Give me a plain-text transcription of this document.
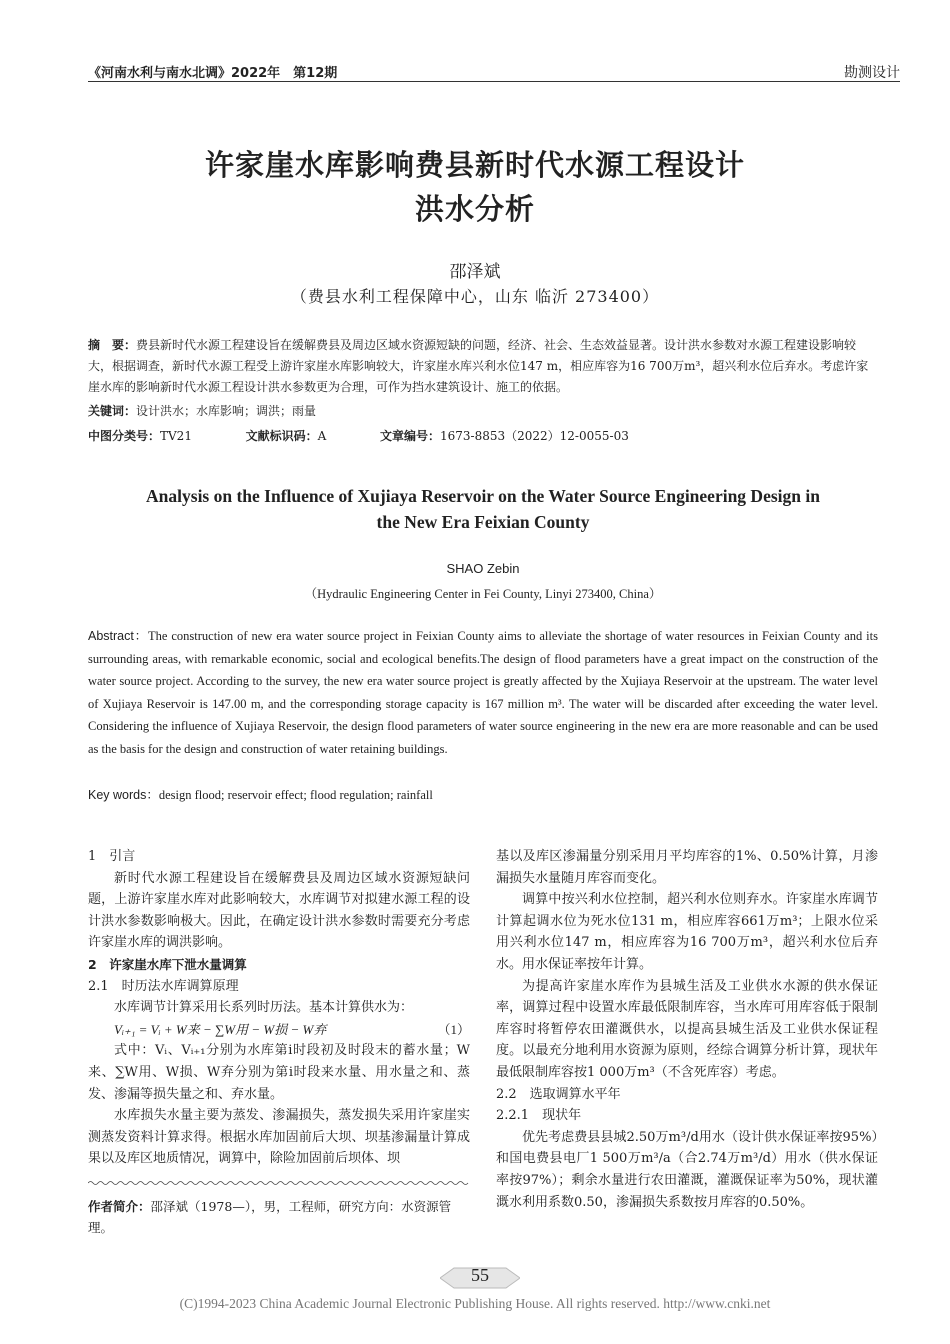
《河南水利与南水北调》2022年　第12期	勘测设计
许家崖水库影响费县新时代水源工程设计
洪水分析
邵泽斌
（费县水利工程保障中心，山东 临沂 273400）
摘　要：费县新时代水源工程建设旨在缓解费县及周边区域水资源短缺的问题，经济、社会、生态效益显著。设计洪水参数对水源工程建设影响较大，根据调查，新时代水源工程受上游许家崖水库影响较大，许家崖水库兴利水位147 m，相应库容为16 700万m³，超兴利水位后弃水。考虑许家崖水库的影响新时代水源工程设计洪水参数更为合理，可作为挡水建筑设计、施工的依据。
关键词：设计洪水；水库影响；调洪；雨量
中图分类号：TV21	文献标识码：A	文章编号：1673-8853（2022）12-0055-03
Analysis on the Influence of Xujiaya Reservoir on the Water Source Engineering Design in
the New Era Feixian County
SHAO Zebin
（Hydraulic Engineering Center in Fei County, Linyi 273400, China）
Abstract：The construction of new era water source project in Feixian County aims to alleviate the shortage of water resources in Feixian County and its surrounding areas, with remarkable economic, social and ecological benefits.The design of flood parameters have a great impact on the construction of the water source project. According to the survey, the new era water source project is greatly affected by the Xujiaya Reservoir at the upstream. The water level of Xujiaya Reservoir is 147.00 m, and the corresponding storage capacity is 167 million m³. The water will be discarded after exceeding the water level. Considering the influence of Xujiaya Reservoir, the design flood parameters of water source engineering in the new era are more reasonable and can be used as the basis for the design and construction of water retaining buildings.
Key words：design flood; reservoir effect; flood regulation; rainfall

1　引言

新时代水源工程建设旨在缓解费县及周边区域水资源短缺问题，上游许家崖水库对此影响较大，水库调节对拟建水源工程的设计洪水参数影响极大。因此，在确定设计洪水参数时需要充分考虑许家崖水库的调洪影响。

2　许家崖水库下泄水量调算

2.1　时历法水库调算原理

水库调节计算采用长系列时历法。基本计算供水为：

Vᵢ₊₁ = Vᵢ + W来 − ∑W用 − W损 − W弃	（1）

式中：Vᵢ、Vᵢ₊₁分别为水库第i时段初及时段末的蓄水量；W来、∑W用、W损、W弃分别为第i时段来水量、用水量之和、蒸发、渗漏等损失量之和、弃水量。

水库损失水量主要为蒸发、渗漏损失，蒸发损失采用许家崖实测蒸发资料计算求得。根据水库加固前后大坝、坝基渗漏量计算成果以及库区地质情况，调算中，除险加固前后坝体、坝

作者简介：邵泽斌（1978—），男，工程师，研究方向：水资源管理。

基以及库区渗漏量分别采用月平均库容的1%、0.50%计算，月渗漏损失水量随月库容而变化。

调算中按兴利水位控制，超兴利水位则弃水。许家崖水库调节计算起调水位为死水位131 m，相应库容661万m³；上限水位采用兴利水位147 m，相应库容为16 700万m³，超兴利水位后弃水。用水保证率按年计算。

为提高许家崖水库作为县城生活及工业供水水源的供水保证率，调算过程中设置水库最低限制库容，当水库可用库容低于限制库容时将暂停农田灌溉供水，以提高县城生活及工业供水保证程度。以最充分地利用水资源为原则，经综合调算分析计算，现状年最低限制库容按1 000万m³（不含死库容）考虑。

2.2　选取调算水平年

2.2.1　现状年

优先考虑费县县城2.50万m³/d用水（设计供水保证率按95%）和国电费县电厂1 500万m³/a（合2.74万m³/d）用水（供水保证率按97%）；剩余水量进行农田灌溉，灌溉保证率为50%，现状灌溉水利用系数0.50，渗漏损失系数按月库容的0.50%。

55
(C)1994-2023 China Academic Journal Electronic Publishing House. All rights reserved. http://www.cnki.net
